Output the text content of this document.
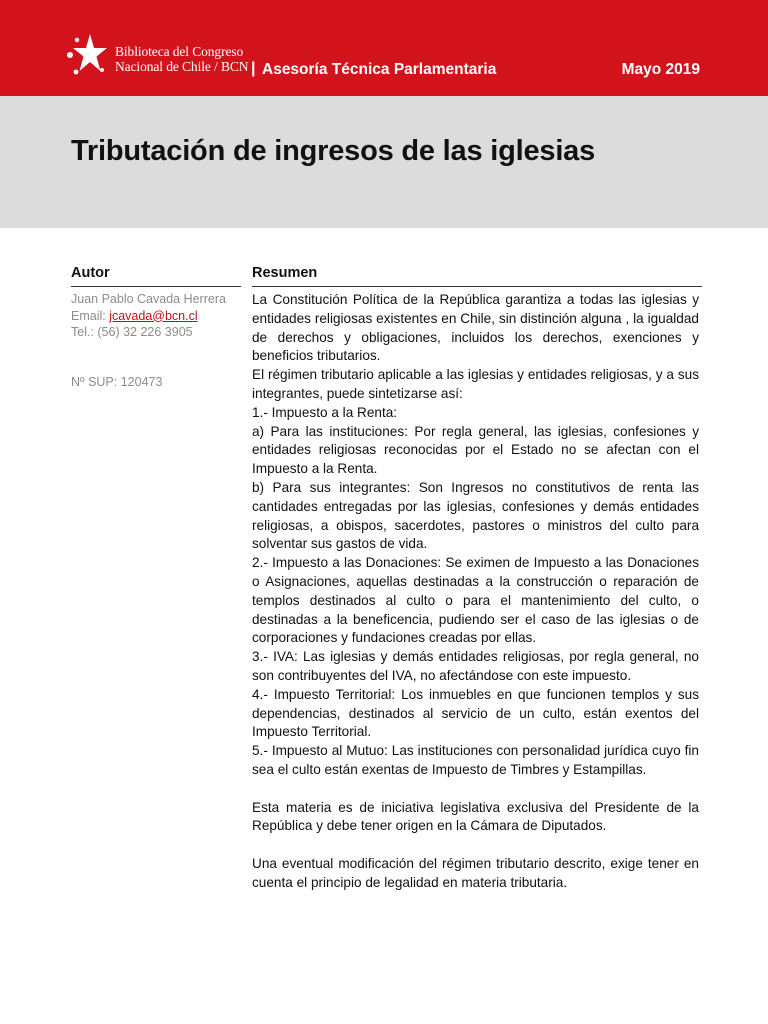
Biblioteca del Congreso
Nacional de Chile / BCN | Asesoría Técnica Parlamentaria	Mayo 2019
Tributación de ingresos de las iglesias
Autor	Resumen
Juan Pablo Cavada Herrera
Email: jcavada@bcn.cl
Tel.: (56) 32 226 3905
Nº SUP: 120473

La Constitución Política de la República garantiza a todas las iglesias y entidades religiosas existentes en Chile, sin distinción alguna , la igualdad de derechos y obligaciones, incluidos los derechos, exenciones y beneficios tributarios.

El régimen tributario aplicable a las iglesias y entidades religiosas, y a sus integrantes, puede sintetizarse así:

1.- Impuesto a la Renta:

a) Para las instituciones: Por regla general, las iglesias, confesiones y entidades religiosas reconocidas por el Estado no se afectan con el Impuesto a la Renta.

b) Para sus integrantes: Son Ingresos no constitutivos de renta las cantidades entregadas por las iglesias, confesiones y demás entidades religiosas, a obispos, sacerdotes, pastores o ministros del culto para solventar sus gastos de vida.

2.- Impuesto a las Donaciones: Se eximen de Impuesto a las Donaciones o Asignaciones, aquellas destinadas a la construcción o reparación de templos destinados al culto o para el mantenimiento del culto, o destinadas a la beneficencia, pudiendo ser el caso de las iglesias o de corporaciones y fundaciones creadas por ellas.

3.- IVA: Las iglesias y demás entidades religiosas, por regla general, no son contribuyentes del IVA, no afectándose con este impuesto.

4.- Impuesto Territorial: Los inmuebles en que funcionen templos y sus dependencias, destinados al servicio de un culto, están exentos del Impuesto Territorial.

5.- Impuesto al Mutuo: Las instituciones con personalidad jurídica cuyo fin sea el culto están exentas de Impuesto de Timbres y Estampillas.

Esta materia es de iniciativa legislativa exclusiva del Presidente de la República y debe tener origen en la Cámara de Diputados.

Una eventual modificación del régimen tributario descrito, exige tener en cuenta el principio de legalidad en materia tributaria.
